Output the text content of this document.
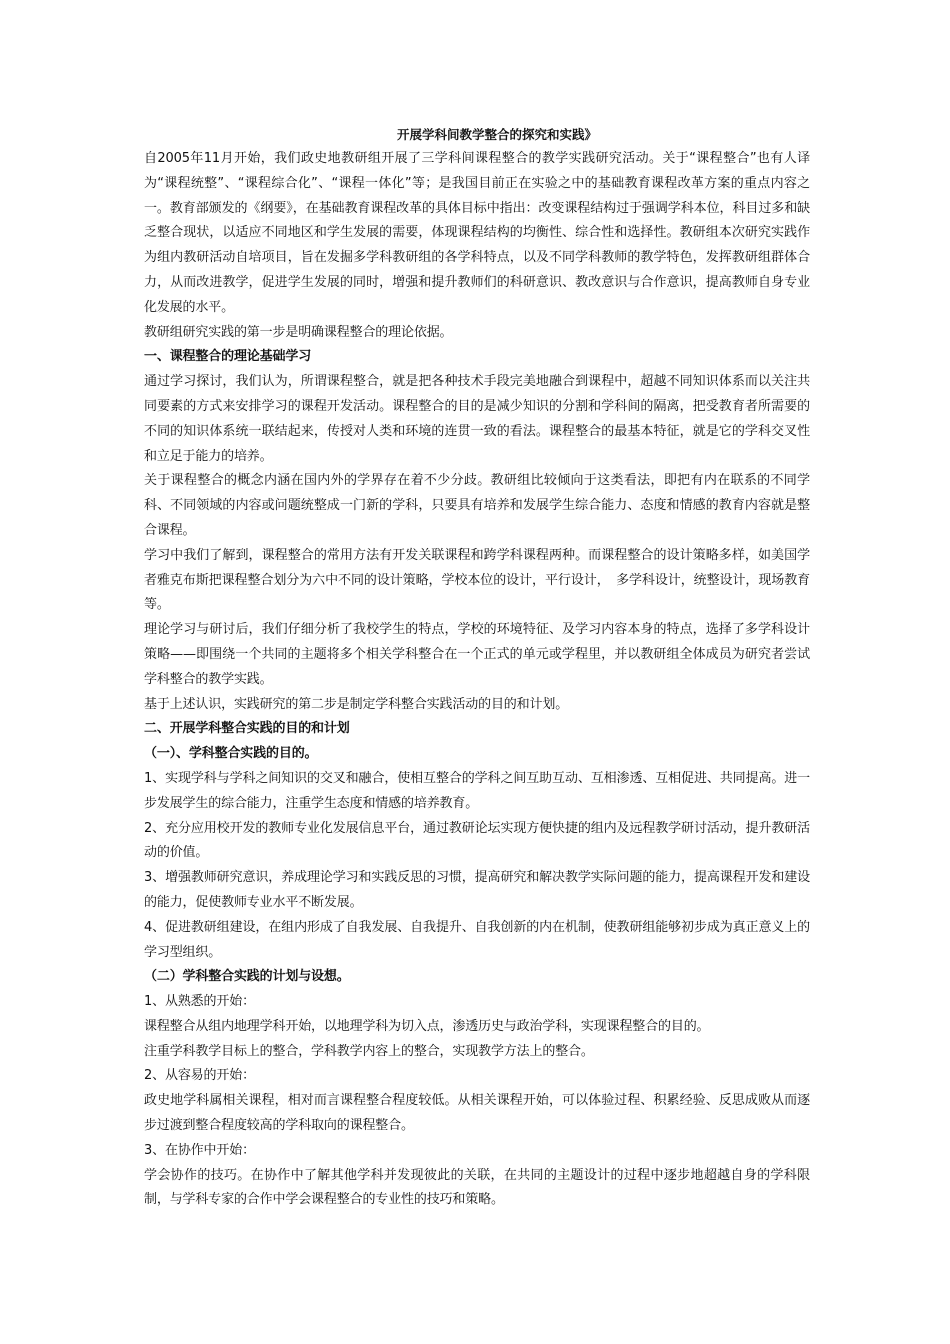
开展学科间教学整合的探究和实践》

自2005年11月开始，我们政史地教研组开展了三学科间课程整合的教学实践研究活动。关于“课程整合”也有人译为“课程统整”、“课程综合化”、“课程一体化”等；是我国目前正在实验之中的基础教育课程改革方案的重点内容之一。教育部颁发的《纲要》，在基础教育课程改革的具体目标中指出：改变课程结构过于强调学科本位，科目过多和缺乏整合现状，以适应不同地区和学生发展的需要，体现课程结构的均衡性、综合性和选择性。教研组本次研究实践作为组内教研活动自培项目，旨在发掘多学科教研组的各学科特点，以及不同学科教师的教学特色，发挥教研组群体合力，从而改进教学，促进学生发展的同时，增强和提升教师们的科研意识、教改意识与合作意识，提高教师自身专业化发展的水平。

教研组研究实践的第一步是明确课程整合的理论依据。

一、课程整合的理论基础学习

通过学习探讨，我们认为，所谓课程整合，就是把各种技术手段完美地融合到课程中，超越不同知识体系而以关注共同要素的方式来安排学习的课程开发活动。课程整合的目的是减少知识的分割和学科间的隔离，把受教育者所需要的不同的知识体系统一联结起来，传授对人类和环境的连贯一致的看法。课程整合的最基本特征，就是它的学科交叉性和立足于能力的培养。

关于课程整合的概念内涵在国内外的学界存在着不少分歧。教研组比较倾向于这类看法，即把有内在联系的不同学科、不同领域的内容或问题统整成一门新的学科，只要具有培养和发展学生综合能力、态度和情感的教育内容就是整合课程。

学习中我们了解到，课程整合的常用方法有开发关联课程和跨学科课程两种。而课程整合的设计策略多样，如美国学者雅克布斯把课程整合划分为六中不同的设计策略，学校本位的设计，平行设计，　多学科设计，统整设计，现场教育等。

理论学习与研讨后，我们仔细分析了我校学生的特点，学校的环境特征、及学习内容本身的特点，选择了多学科设计策略——即围绕一个共同的主题将多个相关学科整合在一个正式的单元或学程里，并以教研组全体成员为研究者尝试学科整合的教学实践。

基于上述认识，实践研究的第二步是制定学科整合实践活动的目的和计划。

二、开展学科整合实践的目的和计划

（一）、学科整合实践的目的。

1、实现学科与学科之间知识的交叉和融合，使相互整合的学科之间互助互动、互相渗透、互相促进、共同提高。进一步发展学生的综合能力，注重学生态度和情感的培养教育。

2、充分应用校开发的教师专业化发展信息平台，通过教研论坛实现方便快捷的组内及远程教学研讨活动，提升教研活动的价值。

3、增强教师研究意识，养成理论学习和实践反思的习惯，提高研究和解决教学实际问题的能力，提高课程开发和建设的能力，促使教师专业水平不断发展。

4、促进教研组建设，在组内形成了自我发展、自我提升、自我创新的内在机制，使教研组能够初步成为真正意义上的学习型组织。

（二）学科整合实践的计划与设想。

1、从熟悉的开始：

课程整合从组内地理学科开始，以地理学科为切入点，渗透历史与政治学科，实现课程整合的目的。

注重学科教学目标上的整合，学科教学内容上的整合，实现教学方法上的整合。

2、从容易的开始：

政史地学科属相关课程，相对而言课程整合程度较低。从相关课程开始，可以体验过程、积累经验、反思成败从而逐步过渡到整合程度较高的学科取向的课程整合。

3、在协作中开始：

学会协作的技巧。在协作中了解其他学科并发现彼此的关联，在共同的主题设计的过程中逐步地超越自身的学科限制，与学科专家的合作中学会课程整合的专业性的技巧和策略。
